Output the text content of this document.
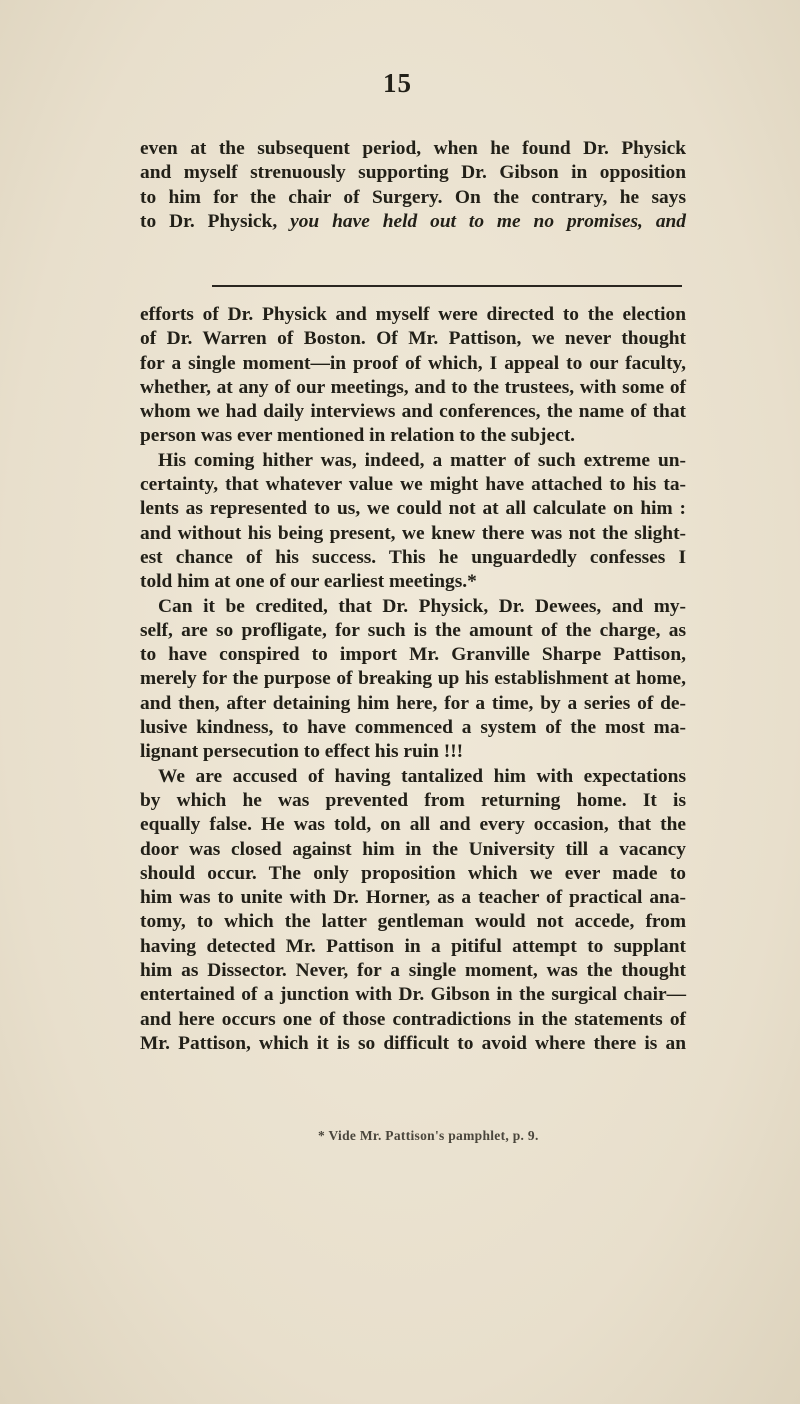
15
even at the subsequent period, when he found Dr. Physick
and myself strenuously supporting Dr. Gibson in opposition
to him for the chair of Surgery. On the contrary, he says
to Dr. Physick, you have held out to me no promises, and
efforts of Dr. Physick and myself were directed to the election
of Dr. Warren of Boston. Of Mr. Pattison, we never thought
for a single moment—in proof of which, I appeal to our faculty,
whether, at any of our meetings, and to the trustees, with some of
whom we had daily interviews and conferences, the name of that
person was ever mentioned in relation to the subject.
His coming hither was, indeed, a matter of such extreme un-
certainty, that whatever value we might have attached to his ta-
lents as represented to us, we could not at all calculate on him :
and without his being present, we knew there was not the slight-
est chance of his success. This he unguardedly confesses I
told him at one of our earliest meetings.*
Can it be credited, that Dr. Physick, Dr. Dewees, and my-
self, are so profligate, for such is the amount of the charge, as
to have conspired to import Mr. Granville Sharpe Pattison,
merely for the purpose of breaking up his establishment at home,
and then, after detaining him here, for a time, by a series of de-
lusive kindness, to have commenced a system of the most ma-
lignant persecution to effect his ruin !!!
We are accused of having tantalized him with expectations
by which he was prevented from returning home. It is
equally false. He was told, on all and every occasion, that the
door was closed against him in the University till a vacancy
should occur. The only proposition which we ever made to
him was to unite with Dr. Horner, as a teacher of practical ana-
tomy, to which the latter gentleman would not accede, from
having detected Mr. Pattison in a pitiful attempt to supplant
him as Dissector. Never, for a single moment, was the thought
entertained of a junction with Dr. Gibson in the surgical chair—
and here occurs one of those contradictions in the statements of
Mr. Pattison, which it is so difficult to avoid where there is an
* Vide Mr. Pattison's pamphlet, p. 9.
